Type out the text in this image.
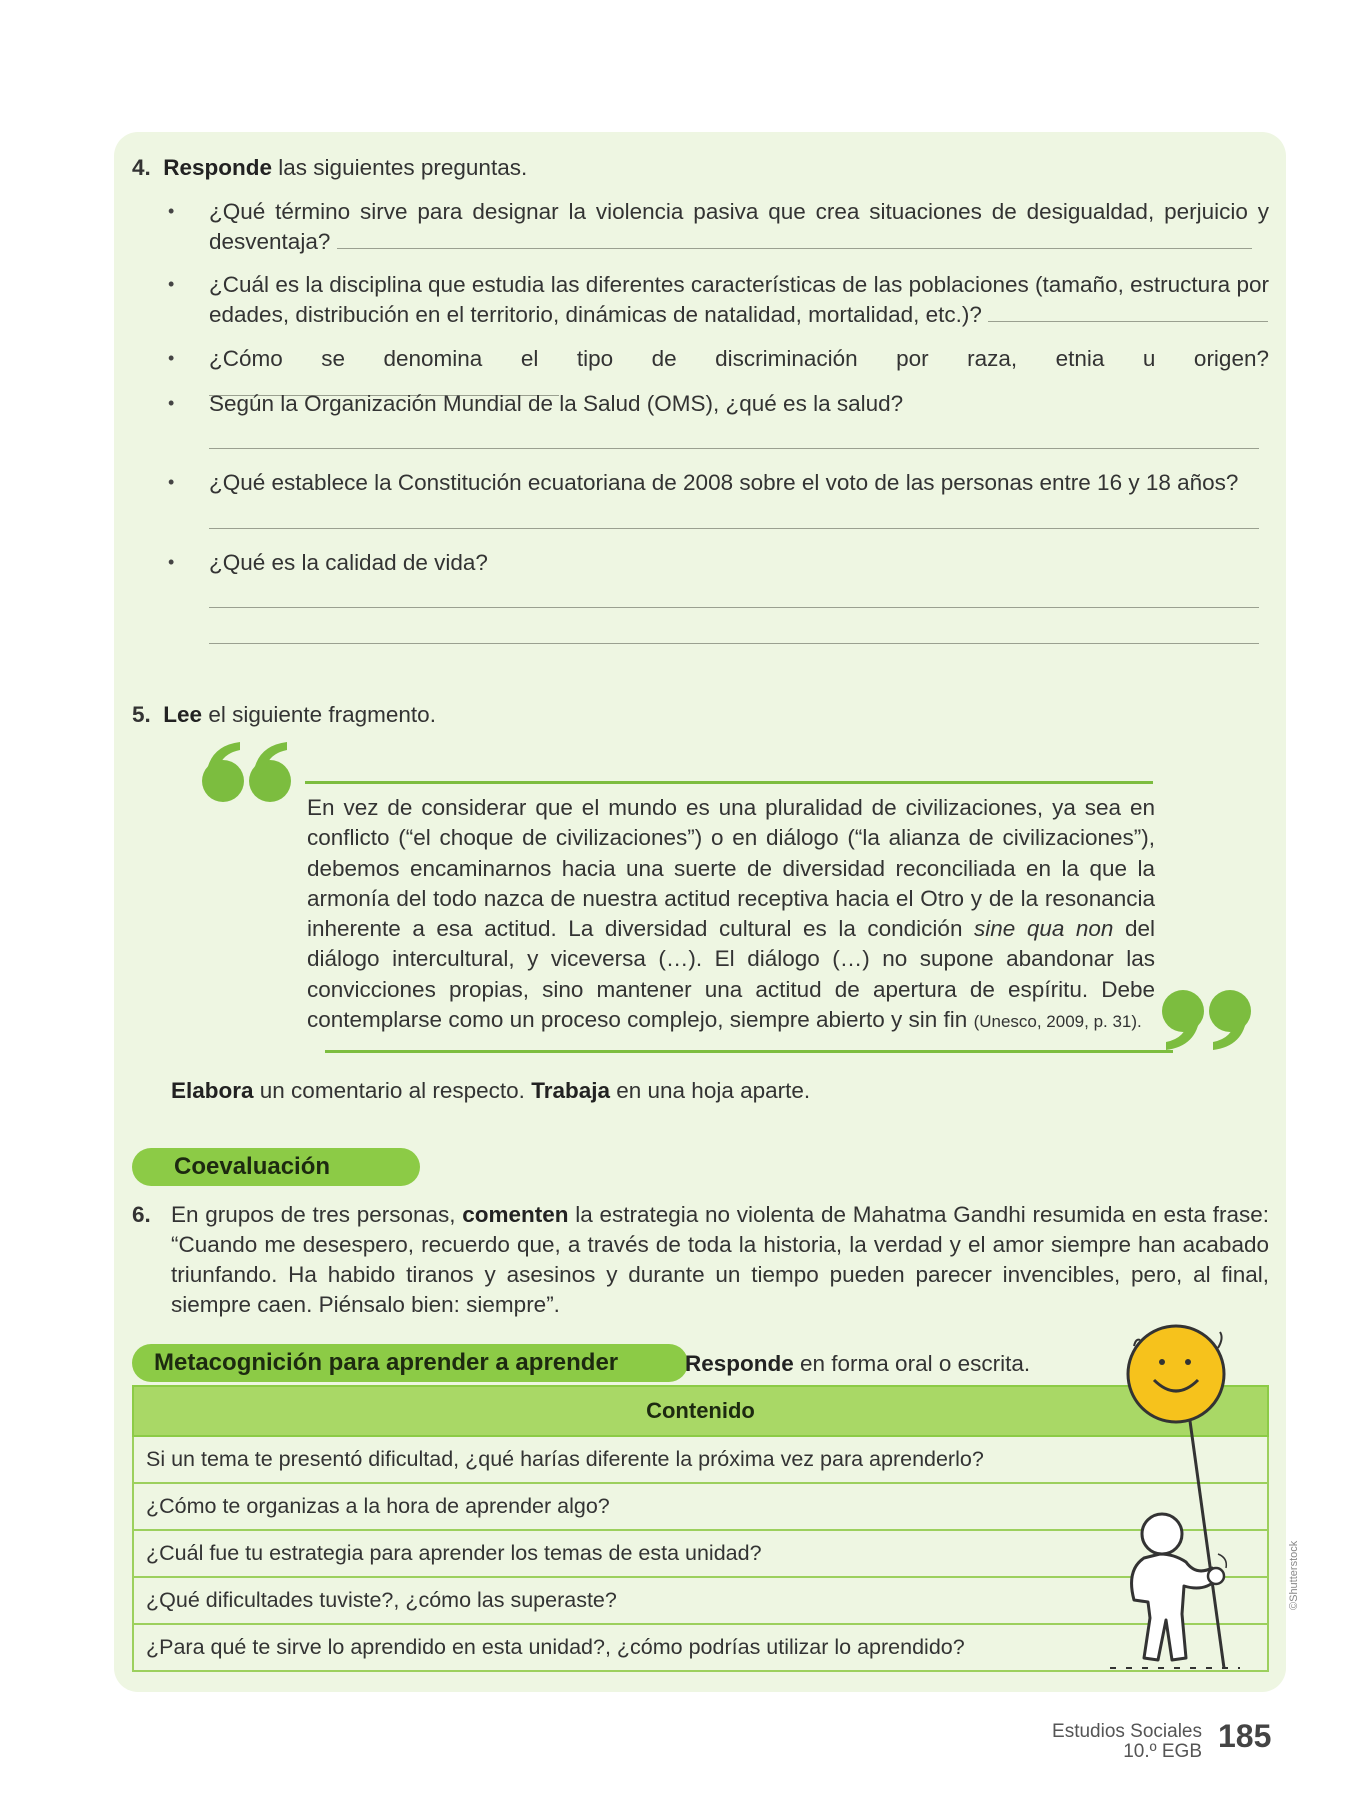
4. Responde las siguientes preguntas.
• ¿Qué término sirve para designar la violencia pasiva que crea situaciones de desigualdad, perjuicio y desventaja?
• ¿Cuál es la disciplina que estudia las diferentes características de las poblaciones (tamaño, estructura por edades, distribución en el territorio, dinámicas de natalidad, mortalidad, etc.)?
• ¿Cómo se denomina el tipo de discriminación por raza, etnia u origen?
• Según la Organización Mundial de la Salud (OMS), ¿qué es la salud?
• ¿Qué establece la Constitución ecuatoriana de 2008 sobre el voto de las personas entre 16 y 18 años?
• ¿Qué es la calidad de vida?
5. Lee el siguiente fragmento.
En vez de considerar que el mundo es una pluralidad de civilizaciones, ya sea en conflicto (“el choque de civilizaciones”) o en diálogo (“la alianza de civilizaciones”), debemos encaminarnos hacia una suerte de diversidad reconciliada en la que la armonía del todo nazca de nuestra actitud receptiva hacia el Otro y de la resonancia inherente a esa actitud. La diversidad cultural es la condición sine qua non del diálogo intercultural, y viceversa (…). El diálogo (…) no supone abandonar las convicciones propias, sino mantener una actitud de apertura de espíritu. Debe contemplarse como un proceso complejo, siempre abierto y sin fin (Unesco, 2009, p. 31).
Elabora un comentario al respecto. Trabaja en una hoja aparte.
Coevaluación
6. En grupos de tres personas, comenten la estrategia no violenta de Mahatma Gandhi resumida en esta frase: “Cuando me desespero, recuerdo que, a través de toda la historia, la verdad y el amor siempre han acabado triunfando. Ha habido tiranos y asesinos y durante un tiempo pueden parecer invencibles, pero, al final, siempre caen. Piénsalo bien: siempre”.
Metacognición para aprender a aprender	Responde en forma oral o escrita.
Contenido
Si un tema te presentó dificultad, ¿qué harías diferente la próxima vez para aprenderlo?
¿Cómo te organizas a la hora de aprender algo?
¿Cuál fue tu estrategia para aprender los temas de esta unidad?
¿Qué dificultades tuviste?, ¿cómo las superaste?
¿Para qué te sirve lo aprendido en esta unidad?, ¿cómo podrías utilizar lo aprendido?
©Shutterstock
Estudios Sociales
10.º EGB 185
